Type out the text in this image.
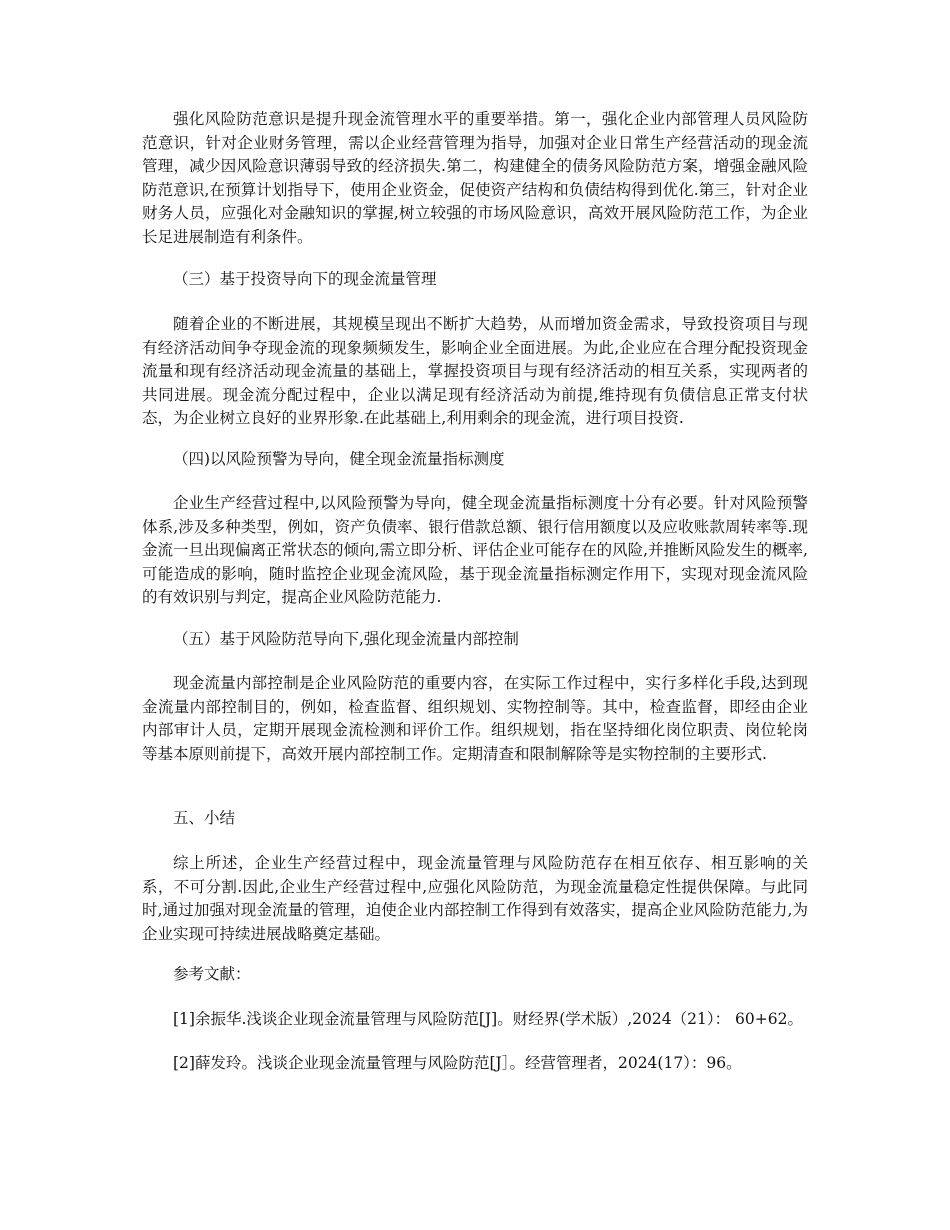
强化风险防范意识是提升现金流管理水平的重要举措。第一，强化企业内部管理人员风险防范意识，针对企业财务管理，需以企业经营管理为指导，加强对企业日常生产经营活动的现金流管理，减少因风险意识薄弱导致的经济损失.第二，构建健全的债务风险防范方案，增强金融风险防范意识,在预算计划指导下，使用企业资金，促使资产结构和负债结构得到优化.第三，针对企业财务人员，应强化对金融知识的掌握,树立较强的市场风险意识，高效开展风险防范工作，为企业长足进展制造有利条件。

（三）基于投资导向下的现金流量管理

随着企业的不断进展，其规模呈现出不断扩大趋势，从而增加资金需求，导致投资项目与现有经济活动间争夺现金流的现象频频发生，影响企业全面进展。为此,企业应在合理分配投资现金流量和现有经济活动现金流量的基础上，掌握投资项目与现有经济活动的相互关系，实现两者的共同进展。现金流分配过程中，企业以满足现有经济活动为前提,维持现有负债信息正常支付状态，为企业树立良好的业界形象.在此基础上,利用剩余的现金流，进行项目投资.

（四)以风险预警为导向，健全现金流量指标测度

企业生产经营过程中,以风险预警为导向，健全现金流量指标测度十分有必要。针对风险预警体系,涉及多种类型，例如，资产负债率、银行借款总额、银行信用额度以及应收账款周转率等.现金流一旦出现偏离正常状态的倾向,需立即分析、评估企业可能存在的风险,并推断风险发生的概率,可能造成的影响，随时监控企业现金流风险，基于现金流量指标测定作用下，实现对现金流风险的有效识别与判定，提高企业风险防范能力.

（五）基于风险防范导向下,强化现金流量内部控制

现金流量内部控制是企业风险防范的重要内容，在实际工作过程中，实行多样化手段,达到现金流量内部控制目的，例如，检查监督、组织规划、实物控制等。其中，检查监督，即经由企业内部审计人员，定期开展现金流检测和评价工作。组织规划，指在坚持细化岗位职责、岗位轮岗等基本原则前提下，高效开展内部控制工作。定期清查和限制解除等是实物控制的主要形式.

五、小结

综上所述，企业生产经营过程中，现金流量管理与风险防范存在相互依存、相互影响的关系，不可分割.因此,企业生产经营过程中,应强化风险防范，为现金流量稳定性提供保障。与此同时,通过加强对现金流量的管理，迫使企业内部控制工作得到有效落实，提高企业风险防范能力,为企业实现可持续进展战略奠定基础。

参考文献：

[1]余振华.浅谈企业现金流量管理与风险防范[J]。财经界(学术版）,2024（21）： 60+62。

[2]薛发玲。浅谈企业现金流量管理与风险防范[J］。经营管理者，2024(17）：96。
